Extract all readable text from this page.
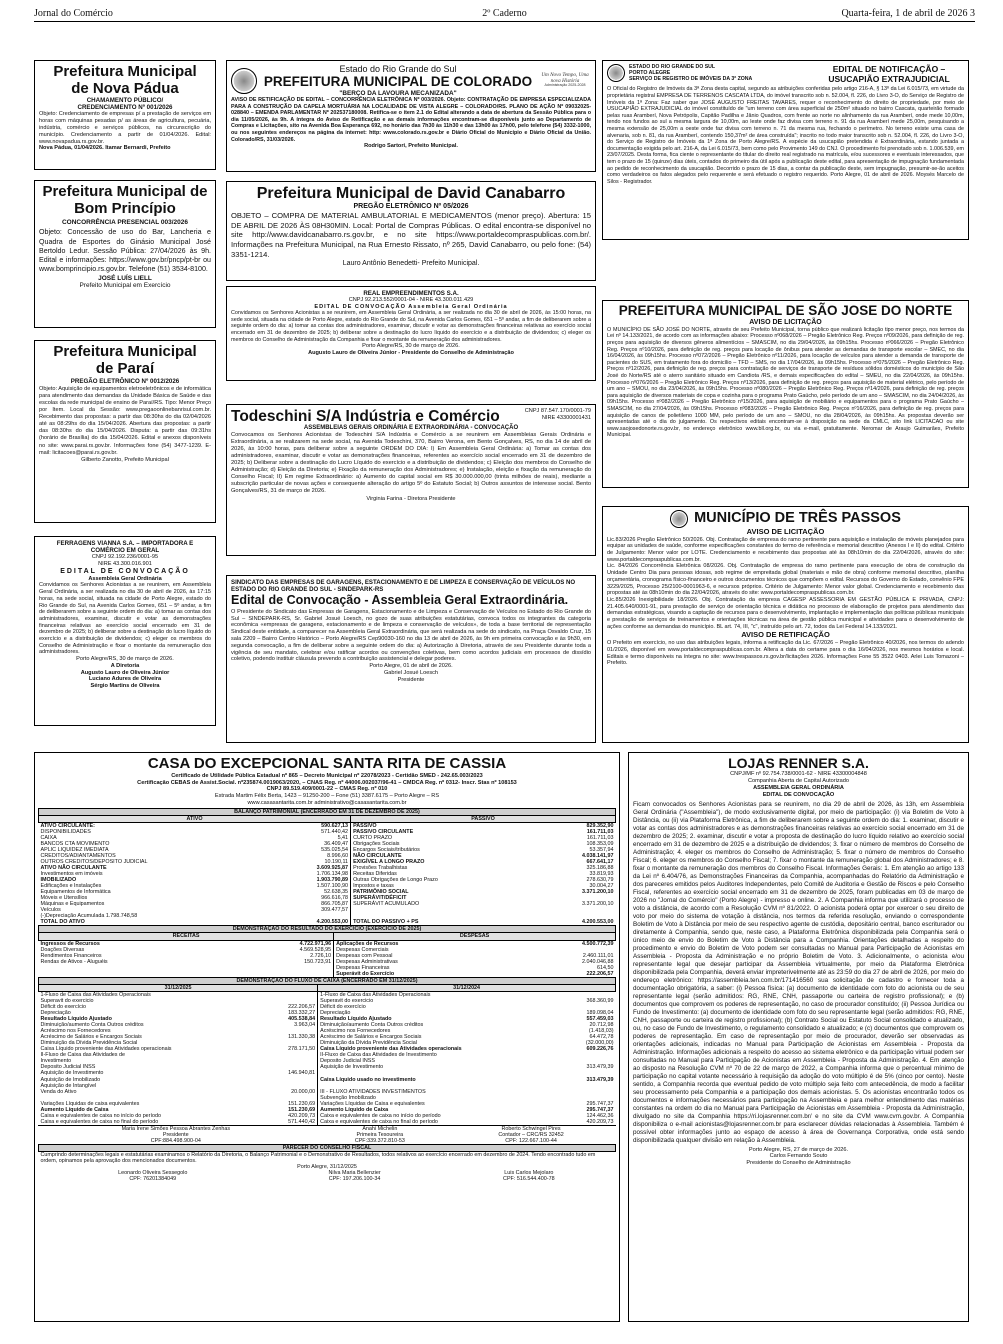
Jornal do Comércio	2º Caderno	Quarta-feira, 1 de abril de 2026 3
Prefeitura Municipal
de Nova Pádua
CHAMAMENTO PÚBLICO/
CREDENCIAMENTO Nº 001/2026
Objeto: Credenciamento de empresas p/ a prestação de serviços em horas com máquinas pesadas p/ as áreas de agricultura, pecuária, indústria, comércio e serviços públicos, na circunscrição do município. Credenciamento a partir de 01/04/2026. Edital: www.novapadua.rs.gov.br.
Nova Pádua, 01/04/2026. Itamar Bernardi, Prefeito
Prefeitura Municipal de
Bom Princípio
CONCORRÊNCIA PRESENCIAL 003/2026
Objeto: Concessão de uso do Bar, Lancheria e Quadra de Esportes do Ginásio Municipal José Bertoldo Ledur. Sessão Pública: 27/04/2026 às 9h. Edital e informações: https://www.gov.br/pncp/pt-br ou www.bomprincipio.rs.gov.br. Telefone (51) 3534-8100.
JOSÉ LUÍS LIELL
Prefeito Municipal em Exercício
Prefeitura Municipal
de Paraí
PREGÃO ELETRÔNICO Nº 0012/2026
Objeto: Aquisição de equipamentos eletroeletrônicos e de informática para atendimento das demandas da Unidade Básica de Saúde e das escolas da rede municipal de ensino de Paraí/RS. Tipo: Menor Preço por Item. Local da Sessão: www.pregaoonlinebanrisul.com.br. Recebimento das propostas: a partir das 08:30hs do dia 02/04/2026 até as 08:29hs do dia 15/04/2026. Abertura das propostas: a partir das 08:30hs do dia 15/04/2026. Disputa: a partir das 09:31hs (horário de Brasília) do dia 15/04/2026. Edital e anexos disponíveis no site: www.parai.rs.gov.br. Informações fone (54) 3477-1239. E-mail: licitacoes@parai.rs.gov.br.
Gilberto Zanotto, Prefeito Municipal
FERRAGENS VIANNA S.A. – IMPORTADORA E COMÉRCIO EM GERAL
CNPJ 92.192.236/0001-95
NIRE 43.300.016.901
EDITAL DE CONVOCAÇÃO
Assembleia Geral Ordinária
Convidamos os Senhores Acionistas a se reunirem, em Assembleia Geral Ordinária, a ser realizada no dia 30 de abril de 2026, às 17:15 horas, na sede social, situada na cidade de Porto Alegre, estado do Rio Grande do Sul, na Avenida Carlos Gomes, 651 – 5º andar, a fim de deliberarem sobre a seguinte ordem do dia: a) tomar as contas dos administradores, examinar, discutir e votar as demonstrações financeiras relativas ao exercício social encerrado em 31 de dezembro de 2025; b) deliberar sobre a destinação do lucro líquido do exercício e a distribuição de dividendos; c) eleger os membros do Conselho de Administração e fixar o montante da remuneração dos administradores.
Porto Alegre/RS, 30 de março de 2026.
A Diretoria
Augusto Lauro de Oliveira Júnior
Luciano Adures de Oliveira
Sérgio Martins de Oliveira
Estado do Rio Grande do Sul
PREFEITURA MUNICIPAL DE COLORADO
"BERÇO DA LAVOURA MECANIZADA"
Um Novo Tempo, Uma nova História
Administração 2025-2028
AVISO DE RETIFICAÇÃO DE EDITAL – CONCORRÊNCIA ELETRÔNICA Nº 003/2026. Objeto: CONTRATAÇÃO DE EMPRESA ESPECIALIZADA PARA A CONSTRUÇÃO DA CAPELA MORTUÁRIA NA LOCALIDADE DE VISTA ALEGRE – COLORADO/RS. PLANO DE AÇÃO Nº 09032025-028840 – EMENDA PARLAMENTAR Nº 202537180008. Retifica-se o item 2.1 do Edital alterando a data de abertura da Sessão Pública para o dia 11/05/2026, às 9h. A íntegra do Aviso de Retificação e as demais informações encontram-se disponíveis junto ao Departamento de Compras e Licitações, sito na Avenida Boa Esperança 692, no horário das 7h30 às 11h30 e das 13h00 às 17h00, pelo telefone (54) 3332-1000, ou nos seguintes endereços na página da internet: http: www.colorado.rs.gov.br e Diário Oficial do Município e Diário Oficial da União. Colorado/RS, 31/03/2026.
Rodrigo Sartori, Prefeito Municipal.
Prefeitura Municipal de David Canabarro
PREGÃO ELETRÔNICO Nº 05/2026
OBJETO – COMPRA DE MATERIAL AMBULATORIAL E MEDICAMENTOS (menor preço). Abertura: 15 DE ABRIL DE 2026 ÀS 08H30MIN. Local: Portal de Compras Públicas. O edital encontra-se disponível no site http://www.davidcanabarro.rs.gov.br, e no site https://www.portaldecompraspublicas.com.br/. Informações na Prefeitura Municipal, na Rua Ernesto Rissato, nº 265, David Canabarro, ou pelo fone: (54) 3351-1214.
Lauro Antônio Benedetti- Prefeito Municipal.
REAL EMPREENDIMENTOS S.A.
CNPJ 92.213.552/0001-04 - NIRE 43.300.011.429
EDITAL DE CONVOCAÇÃO Assembleia Geral Ordinária
Convidamos os Senhores Acionistas a se reunirem, em Assembleia Geral Ordinária, a ser realizada no dia 30 de abril de 2026, às 15:00 horas, na sede social, situada na cidade de Porto Alegre, estado do Rio Grande do Sul, na Avenida Carlos Gomes, 651 – 5º andar, a fim de deliberarem sobre a seguinte ordem do dia: a) tomar as contas dos administradores, examinar, discutir e votar as demonstrações financeiras relativas ao exercício social encerrado em 31 de dezembro de 2025; b) deliberar sobre a destinação do lucro líquido do exercício e a distribuição de dividendos; c) eleger os membros do Conselho de Administração da Companhia e fixar o montante da remuneração dos administradores.
Porto Alegre/RS, 30 de março de 2026.
Augusto Lauro de Oliveira Júnior - Presidente do Conselho de Administração
Todeschini S/A Indústria e Comércio	CNPJ 87.547.170/0001-79 NIRE 43300001431
ASSEMBLEIAS GERAIS ORDINÁRIA E EXTRAORDINÁRIA - CONVOCAÇÃO
Convocamos os Senhores Acionistas de Todeschini S/A Indústria e Comércio a se reunirem em Assembleias Gerais Ordinária e Extraordinária, a se realizarem na sede social, na Avenida Todeschini, 370, Bairro Verona, em Bento Gonçalves, RS, no dia 14 de abril de 2026, às 10:00 horas, para deliberar sobre a seguinte ORDEM DO DIA: I) Em Assembleia Geral Ordinária: a) Tomar as contas dos administradores, examinar, discutir e votar as demonstrações financeiras, referentes ao exercício social encerrado em 31 de dezembro de 2025; b) Deliberar sobre a destinação do Lucro Líquido do exercício e a distribuição de dividendos; c) Eleição dos membros do Conselho de Administração; d) Eleição da Diretoria; e) Fixação da remuneração dos Administradores; e) Instalação, eleição e fixação da remuneração do Conselho Fiscal; II) Em regime Extraordinário: a) Aumento do capital social em R$ 30.000.000,00 (trinta milhões de reais), mediante a subscrição particular de novas ações e consequente alteração do artigo 5º do Estatuto Social; b) Outros assuntos de interesse social. Bento Gonçalves/RS, 31 de março de 2026.
Virginia Farina - Diretora Presidente
SINDICATO DAS EMPRESAS DE GARAGENS, ESTACIONAMENTO E DE LIMPEZA E CONSERVAÇÃO DE VEÍCULOS NO ESTADO DO RIO GRANDE DO SUL - SINDEPARK-RS
Edital de Convocação - Assembleia Geral Extraordinária.
O Presidente do Sindicato das Empresas de Garagens, Estacionamento e de Limpeza e Conservação de Veículos no Estado do Rio Grande do Sul – SINDEPARK-RS, Sr. Gabriel Josué Loesch, no gozo de suas atribuições estatutárias, convoca todos os integrantes da categoria econômica «empresas de garagens, estacionamento e de limpeza e conservação de veículos», de toda a base territorial de representação Sindical deste entidade, a comparecer na Assembleia Geral Extraordinária, que será realizada na sede do sindicato, na Praça Osvaldo Cruz, 15 sala 2209 – Bairro Centro Histórico – Porto Alegre/RS Cep90030-160 no dia 13 de abril de 2026, às 9h em primeira convocação e às 9h30, em segunda convocação, a fim de deliberar sobre a seguinte ordem do dia: a) Autorização à Diretoria, através de seu Presidente durante toda a vigência de seu mandato, celebrar e/ou ratificar acordos ou convenções coletivas, bem como acordos judiciais em processos de dissídio coletivo, podendo instituir cláusula prevendo a contribuição assistencial e delegar poderes.
Porto Alegre, 01 de abril de 2026.
Gabriel Josué Loesch
Presidente
ESTADO DO RIO GRANDE DO SUL
PORTO ALEGRE
SERVIÇO DE REGISTRO DE IMÓVEIS DA 3ª ZONA
EDITAL DE NOTIFICAÇÃO – USUCAPIÃO EXTRAJUDICIAL
O Oficial do Registro de Imóveis da 3ª Zona desta capital, segundo as atribuições conferidas pelo artigo 216-A, § 13º da Lei 6.015/73, em virtude da proprietária registral EMPRESA DE TERRENOS CASCATA LTDA, do imóvel transcrito sob n. 52.004, fl. 226, do Livro 3-O, do Serviço de Registro de Imóveis da 1ª Zona: Faz saber que JOSÉ AUGUSTO FREITAS TAVARES, requer o reconhecimento do direito de propriedade, por meio de USUCAPIÃO EXTRAJUDICIAL do imóvel constituído de "um terreno com área superficial de 250m² situado no bairro Cascata, quarteirão formado pelas ruas Aramberí, Nova Petrópolis, Capitão Padilha e Jânio Quadros, com frente ao norte no alinhamento da rua Aramberí, onde mede 10,00m, tendo nos fundos ao sul a mesma largura de 10,00m, ao leste onde faz divisa com terreno n. 91 da rua Aramberí mede 25,00m, pesquisando a mesma extensão de 25,00m a oeste onde faz divisa com terreno n. 71 da mesma rua, fechando o perímetro. No terreno existe uma casa de alvenaria, sob n. 81, da rua Aramberí, contendo 150,37m² de área construída"; inscrito no todo maior transcrito sob n. 52.004, fl. 226, do Livro 3-O, do Serviço de Registro de Imóveis da 1ª Zona de Porto Alegre/RS. A espécie da usucapião pretendida é Extraordinária, estando juntada a documentação exigida pelo art. 216-A, da Lei 6.015/73, bem como pelo Provimento 149 do CNJ. O procedimento foi prenotado sob n. 1.006.539, em 23/07/2025. Desta forma, fica ciente o representante do titular do direito real registrado na matrícula, e/ou sucessores e eventuais interessados, que tem o prazo de 15 (quinze) dias úteis, contados do primeiro dia útil após a publicação deste edital, para apresentação de impugnação fundamentada ao pedido de reconhecimento da usucapião. Decorrido o prazo de 15 dias, a contar da publicação deste, sem impugnação, presumir-se-ão aceitos como verdadeiros os fatos alegados pelo requerente e será efetuado o registro requerido. Porto Alegre, 01 de abril de 2026. Moysés Marcelo de Silos - Registrador.
PREFEITURA MUNICIPAL DE SÃO JOSE DO NORTE
AVISO DE LICITAÇÃO
O MUNICÍPIO DE SÃO JOSÉ DO NORTE, através de seu Prefeito Municipal, torna público que realizará licitação tipo menor preço, nos termos da Lei nº 14.133/2021, de acordo com as informações abaixo: Processo nº068/2026 – Pregão Eletrônico Reg. Preços nº09/2026, para definição de reg. preços para aquisição de diversos gêneros alimentícios – SMASCIM, no dia 29/04/2026, às 09h15hs. Processo nº066/2026 – Pregão Eletrônico Reg. Preços nº10/2026, para definição de reg. preços para locação de ônibus para atender as demandas de transporte escolar – SMEC, no dia 16/04/2026, às 09h15hs. Processo nº072/2026 – Pregão Eletrônico nº11/2026, para locação de veículos para atender a demanda de transporte de pacientes do SUS, em tratamento fora do domicílio – TFD – SMS, no dia 17/04/2026, às 09h15hs. Processo nº075/2026 – Pregão Eletrônico Reg. Preços nº12/2026, para definição de reg. preços para contratação de serviços de transporte de resíduos sólidos domésticos do município de São José do Norte/RS até o aterro sanitário situado em Candiota /RS, e demais especificações do edital – SMEU, no dia 22/04/2026, às 09h15hs. Processo nº076/2026 – Pregão Eletrônico Reg. Preços nº13/2026, para definição de reg. preços para aquisição de material elétrico, pelo período de um ano – SMOU, no dia 23/04/2026, às 09h15hs. Processo nº080/2026 – Pregão Eletrônico Reg. Preços nº14/2026, para definição de reg. preços para aquisição de diversos materiais de copa e cozinha para o programa Prato Gaúcho, pelo período de um ano – SMASCIM, no dia 24/04/2026, às 09h15hs. Processo nº082/2026 – Pregão Eletrônico nº15/2026, para aquisição de mobiliário e equipamentos para o programa Prato Gaúcho – SMASCIM, no dia 27/04/2026, às 09h15hs. Processo nº083/2026 – Pregão Eletrônico Reg. Preços nº16/2026, para definição de reg. preços para aquisição de canos de polietileno 1000 MM, pelo período de um ano – SMOU, no dia 28/04/2026, às 09h15hs. As propostas deverão ser apresentadas até o dia do julgamento. Os respectivos editais encontram-se à disposição na sede da CMLC, sito link LICITACAO ou site www.saojosedonorte.rs.gov.br, no endereço eletrônico www.bll.org.br, ou via e-mail, gratuitamente. Neromar de Araujo Guimarães, Prefeito Municipal.
MUNICÍPIO DE TRÊS PASSOS
AVISO DE LICITAÇÃO
Lic.83/2026 Pregão Eletrônico 50/2026. Obj. Contratação de empresa do ramo pertinente para aquisição e instalação de móveis planejados para equipar as unidades de saúde, conforme especificações constantes do termo de referência e memorial descritivo (Anexos I e II) do edital. Critério de Julgamento: Menor valor por LOTE. Credenciamento e recebimento das propostas até às 08h10min do dia 22/04/2026, através do site: www.portaldecompraspublicas.com.br.
Lic. 84/2026 Concorrência Eletrônica 08/2026. Obj. Contratação de empresa do ramo pertinente para execução de obra de construção da Unidade Centro Dia para pessoas idosas, sob regime de empreitada global (materiais e mão de obra) conforme memorial descritivo, planilha orçamentária, cronograma físico-financeiro e outros documentos técnicos que compõem o edital. Recursos do Governo do Estado, convênio FPE 3229/2025, Processo 25/2100-0001963-6, e recursos próprios. Critério de Julgamento: Menor valor global. Credenciamento e recebimento das propostas até às 08h10min do dia 22/04/2026, através do site: www.portaldecompraspublicas.com.br.
Lic.85/2026 Inexigibilidade 18/2026. Obj. Contratação da empresa CAGESP ASSESSORIA EM GESTÃO PÚBLICA E PRIVADA, CNPJ: 21.405.640/0001-91, para prestação de serviço de orientação técnica e didática no processo de elaboração de projetos para atendimento das demandas estratégicas, visando a captação de recursos para o desenvolvimento, implantação e implementação das políticas públicas municipais e prestação de serviços de treinamentos e orientações técnicas na área de gestão pública municipal e atividades para o desenvolvimento de ações conforme as demandas do município. BL art. 74, III, "c", instruído pelo art. 72, todos da Lei Federal 14.133/2021.
AVISO DE RETIFICAÇÃO
O Prefeito em exercício, no uso das atribuições legais, informa a retificação da Lic. 67/2026 – Pregão Eletrônico 40/2026, nos termos do adendo 01/2026, disponível em www.portaldecompraspublicas.com.br. Altera a data do certame para o dia 16/04/2026, nos mesmos horários e local. Editais e termo disponíveis na íntegra no site: www.trespassos.rs.gov.br/licitações 2026. Informações Fone 55 3522 0403. Arlei Luis Tomazoni – Prefeito.
LOJAS RENNER S.A.
CNPJ/MF nº 92.754.738/0001-62 - NIRE 43300004848
Companhia Aberta de Capital Autorizado
ASSEMBLEIA GERAL ORDINÁRIA
EDITAL DE CONVOCAÇÃO
Ficam convocados os Senhores Acionistas para se reunirem, no dia 29 de abril de 2026, às 13h, em Assembleia Geral Ordinária ("Assembleia"), de modo exclusivamente digital, por meio de participação: (i) via Boletim de Voto à Distância, ou (ii) via Plataforma Eletrônica, a fim de deliberarem sobre a seguinte ordem do dia: 1. examinar, discutir e votar as contas dos administradores e as demonstrações financeiras relativas ao exercício social encerrado em 31 de dezembro de 2025; 2. examinar, discutir e votar a proposta de destinação do lucro líquido relativo ao exercício social encerrado em 31 de dezembro de 2025 e a distribuição de dividendos; 3. fixar o número de membros do Conselho de Administração; 4. eleger os membros do Conselho de Administração; 5. fixar o número de membros do Conselho Fiscal; 6. eleger os membros do Conselho Fiscal; 7. fixar o montante da remuneração global dos Administradores; e 8. fixar o montante da remuneração dos membros do Conselho Fiscal. Informações Gerais: 1. Em atenção ao artigo 133 da Lei nº 6.404/76, as Demonstrações Financeiras da Companhia, acompanhadas do Relatório da Administração e dos pareceres emitidos pelos Auditores Independentes, pelo Comitê de Auditoria e Gestão de Riscos e pelo Conselho Fiscal, referentes ao exercício social encerrado em 31 de dezembro de 2025, foram publicadas em 03 de março de 2026 no "Jornal do Comércio" (Porto Alegre) - impresso e online. 2. A Companhia informa que utilizará o processo de voto a distância, de acordo com a Resolução CVM nº 81/2022. O acionista poderá optar por exercer o seu direito de voto por meio do sistema de votação à distância, nos termos da referida resolução, enviando o correspondente Boletim de Voto à Distância por meio de seu respectivo agente de custódia, depositário central, banco escriturador ou diretamente à Companhia, sendo que, neste caso, a Plataforma Eletrônica disponibilizada pela Companhia será o único meio de envio do Boletim de Voto à Distância para a Companhia. Orientações detalhadas a respeito do procedimento e envio do Boletim de Voto podem ser consultadas no Manual para Participação de Acionistas em Assembleia - Proposta da Administração e no próprio Boletim de Voto. 3. Adicionalmente, o acionista e/ou representante legal que desejar participar da Assembleia virtualmente, por meio da Plataforma Eletrônica disponibilizada pela Companhia, deverá enviar impreterivelmente até as 23:59 do dia 27 de abril de 2026, por meio do endereço eletrônico: https://assembleia.ten.com.br/171416560 sua solicitação de cadastro e fornecer toda a documentação obrigatória, a saber: (i) Pessoa física: (a) documento de identidade com foto do acionista ou de seu representante legal (serão admitidos: RG, RNE, CNH, passaporte ou carteira de registro profissional); e (b) documentos que comprovem os poderes de representação, no caso de procurador constituído; (ii) Pessoa Jurídica ou Fundo de Investimento: (a) documento de identidade com foto do seu representante legal (serão admitidos: RG, RNE, CNH, passaporte ou carteira de registro profissional); (b) Contrato Social ou Estatuto Social consolidado e atualizado, ou, no caso de Fundo de Investimento, o regulamento consolidado e atualizado; e (c) documentos que comprovem os poderes de representação. Em caso de representação por meio de procurador, deverão ser observadas as orientações adicionais, indicadas no Manual para Participação de Acionistas em Assembleia - Proposta da Administração. Informações adicionais a respeito do acesso ao sistema eletrônico e da participação virtual podem ser consultadas no Manual para Participação de Acionistas em Assembleia - Proposta da Administração. 4. Em atenção ao disposto na Resolução CVM nº 70 de 22 de março de 2022, a Companhia informa que o percentual mínimo de participação no capital votante necessário à requisição da adoção do voto múltiplo é de 5% (cinco por cento). Neste sentido, a Companhia recorda que eventual pedido de voto múltiplo seja feito com antecedência, de modo a facilitar seu processamento pela Companhia e a participação dos demais acionistas. 5. Os acionistas encontrarão todos os documentos e informações necessários para participação na Assembleia e para melhor entendimento das matérias constantes na ordem do dia no Manual para Participação de Acionistas em Assembleia - Proposta da Administração, divulgado no site da Companhia https://ri.lojasrenner.com.br/ e no site da CVM www.cvm.gov.br. A Companhia disponibiliza o e-mail acionistas@lojasrenner.com.br para esclarecer dúvidas relacionadas à Assembleia. Também é possível obter informações junto ao espaço de acesso à área de Governança Corporativa, onde está sendo disponibilizada qualquer divisão em relação à Assembleia.
Porto Alegre, RS, 27 de março de 2026.
Carlos Fernando Souto
Presidente do Conselho de Administração
CASA DO EXCEPCIONAL SANTA RITA DE CASSIA
Certificado de Utilidade Pública Estadual nº 865 – Decreto Municipal nº 22078/2023 - Certidão SMED - 242.65.003/2023
Certificação CEBAS de Assist.Social. nº235874.0019063/2020, – CNAS Reg. nº 44006.002037/96-41 – CMDCA Reg. nº 0312- Inscr. Stas nº 108153
CNPJ 89.519.409/0001-22 – CMAS Reg. nº 010
Estrada Martim Félix Berta, 1423 – 91250-200 – Fone (51) 3387.6175 – Porto Alegre – RS
www.casasantarita.com.br administrativo@casasantarita.com.br
BALANÇO PATRIMONIAL (ENCERRADO EM 31 DE DEZEMBRO DE 2025)			
ATIVO		PASSIVO	
ATIVO CIRCULANTE:	590.627,13	PASSIVO	829.352,90
DISPONIBILIDADES	571.440,42	PASSIVO CIRCULANTE	161.711,03
CAIXA	5,41	CURTO PRAZO	161.711,03
BANCOS CTA MOVIMENTO	36.409,47	Obrigações Sociais	108.353,09
APLIC LIQUIDEZ IMEDIATA	535.025,54	Encargos Sociais/tributários	53.357,94
CREDITOS/ADIANTAMENTOS	8.996,60	NÃO CIRCULANTE	4.038.141,97
OUTROS CREDITOS/DEPOSITO JUDICIAL	10.190,11	EXIGÍVEL A LONGO PRAZO	667.641,17
ATIVO NÃO CIRCULANTE	3.609.925,87	Provisões Trabalhistas	325.186,88
Investimentos em imóveis	1.706.134,98	Receitas Diferidas	33.819,93
IMOBILIZADO	1.903.790,89	Outras Obrigações de Longo Prazo	278.630,79
Edificações e Instalações	1.507.100,90	Impostos e taxas	30.004,27
Equipamentos de Informática	52.638,35	PATRIMÔNIO SOCIAL	3.371.200,10
Móveis e Utensílios	966.616,78	SUPERÁVIT/DÉFICIT	
Máquinas e Equipamentos	866.705,87	SUPERÁVIT ACUMULADO	3.371.200,10
Veículos	309.477,57		
(-)Depreciação Acumulada 1.798.748,58			
TOTAL DO ATIVO	4.200.553,00	TOTAL DO PASSIVO + PS	4.200.553,00
DEMONSTRAÇÃO DO RESULTADO DO EXERCÍCIO (EXERCÍCIO DE 2025)			
RECEITAS		DESPESAS	
Ingressos de Recursos	4.722.971,96	Aplicações de Recursos	4.500.772,39
Doações Diversas	4.569.528,95	Despesas Comerciais	
Rendimentos Financeiros	2.726,10	Despesas com Pessoal	2.460.111,01
Rendas de Ativos - Aluguéis	150.723,91	Despesas Administrativas	2.040.046,88
		Despesas Financeiras	614,50
		Superávit do Exercício	222.206,57
DEMONSTRAÇÃO DO FLUXO DE CAIXA (ENCERRADO EM 31/12/2025)			
31/12/2025		31/12/2024	
1-Fluxo de Caixa das Atividades Operacionais		1-Fluxo de Caixa das Atividades Operacionais	
Superavit do exercicio		Superavit do exercicio	368.360,99
Déficit do exercício	222.206,57	Déficit do exercício	
Depreciação	183.332,27	Depreciação	189.098,04
Resultado Líquido Ajustado	405.538,84	Resultado Líquido Ajustado	557.459,03

Diminuição/aumento Conta Outros créditos	3.963,04	Diminuição/aumento Conta Outros créditos	20.712,98
Acréscimo nos Fornecedores		Acréscimo nos Fornecedores	(1.418,03)
Acréscimo de Salários e Encargos Sociais	131.330,38	Acréscimo de Salários e Encargos Sociais	64.472,78
Diminuição da Dívida Previdência Social		Diminuição da Dívida Previdência Social	(32.000,00)
Caixa Líquido proveniente das Atividades operacionais	278.171,50	Caixa Líquido proveniente das Atividades operacionais	609.226,76

II-Fluxo de Caixa das Atividades de		II-Fluxo de Caixa das Atividades de Investimento	
Investimento		Deposito Judicial INSS	
Deposito Judicial INSS		Aquisição de Investimento	313.479,39
Aquisição de Investimento	146.940,81		
Aquisição de Imobilizado		Caixa Líquido usado no investimento	313.479,39
Aquisição de Intangível			
Venda do Ativo	20.000,00	III - FLUXO ATIVIDADES INVESTIMENTOS	
		Subvenção Imobilizado	
Variações Líquidas de caixa equivalentes	151.230,69	Variações Líquidas de Caixa e equivalentes	295.747,37

Aumento Líquido de Caixa	151.230,69	Aumento Líquido de Caixa	295.747,37
Caixa e equivalentes de caixa no início do período	420.209,73	Caixa e equivalentes de caixa no início do período	124.462,36
Caixa e equivalentes de caixa no final do período	571.440,42	Caixa e equivalentes de caixa no final do período	420.209,73
Maria Irene Simões Pessoa Abrantes Zenhas	Anahi Michelin	Roberto Schwingel Pires
Presidente	Primeira Tesoureira	Contador – CRC/RS 32452
CPF:884.498.900-04	CPF:339.372.810-53	CPF: 122.667.100-44
PARECER DO CONSELHO FISCAL		
Cumprindo determinações legais e estatutárias examinamos o Relatório da Diretoria, o Balanço Patrimonial e o Demonstrativo de Resultados, todos relativos ao exercício encerrado em dezembro de 2024. Tendo encontrado tudo em ordem, opinamos pela aprovação dos mencionados documentos.		
Porto Alegre, 31/12/2025		
Leonardo Oliveira Sessegolo	Nilva Maria Bellenzier	Luis Carlos Mejolaro
CPF: 76201384049	CPF: 197.206.100-34	CPF: 516.544.400-78
